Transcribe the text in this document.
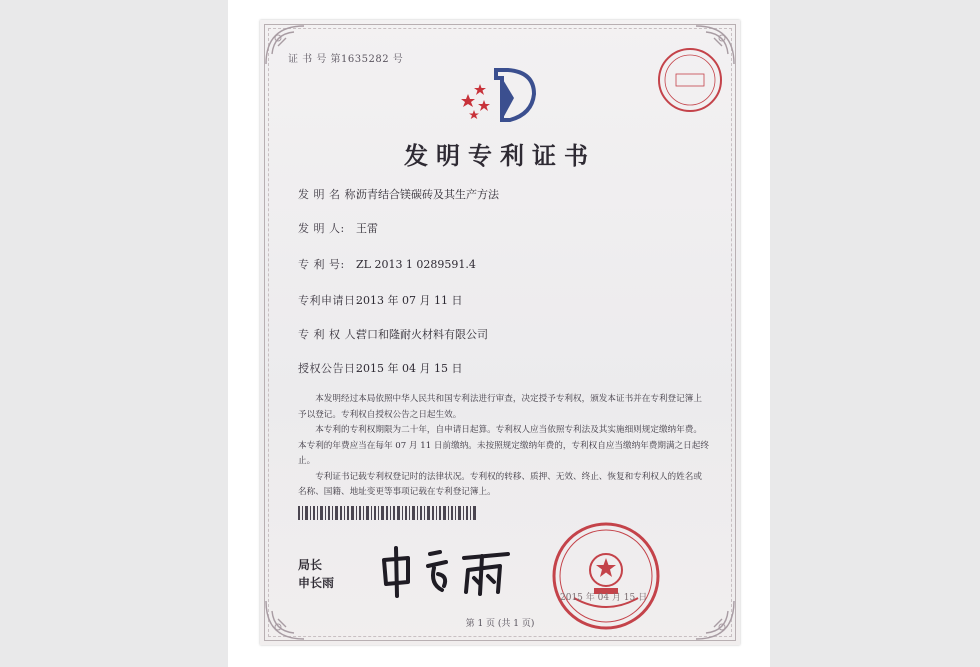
证 书 号 第1635282 号
发明专利证书
发 明 名 称:沥青结合镁碳砖及其生产方法
发 明 人: 王雷
专 利 号: ZL 2013 1 0289591.4
专利申请日:2013 年 07 月 11 日
专 利 权 人:营口和隆耐火材料有限公司
授权公告日:2015 年 04 月 15 日

本发明经过本局依照中华人民共和国专利法进行审查，决定授予专利权，颁发本证书并在专利登记簿上予以登记。专利权自授权公告之日起生效。

本专利的专利权期限为二十年，自申请日起算。专利权人应当依照专利法及其实施细则规定缴纳年费。本专利的年费应当在每年 07 月 11 日前缴纳。未按照规定缴纳年费的，专利权自应当缴纳年费期满之日起终止。

专利证书记载专利权登记时的法律状况。专利权的转移、质押、无效、终止、恢复和专利权人的姓名或名称、国籍、地址变更等事项记载在专利登记簿上。

局长
申长雨
2015 年 04 月 15 日
第 1 页 (共 1 页)
